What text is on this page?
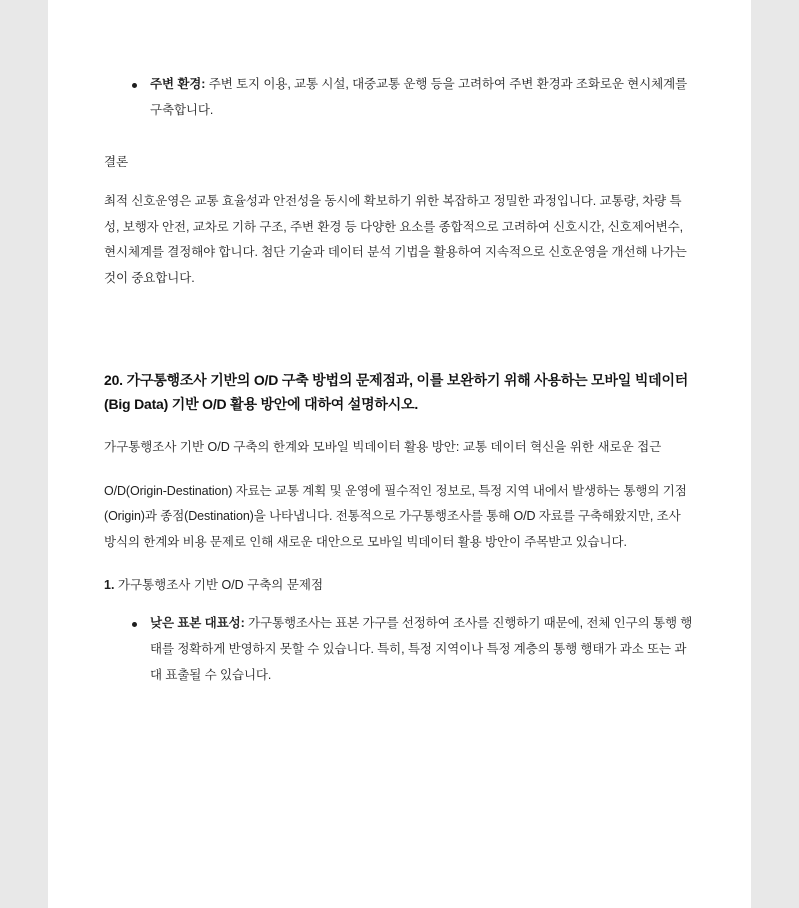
주변 환경: 주변 토지 이용, 교통 시설, 대중교통 운행 등을 고려하여 주변 환경과 조화로운 현시체계를 구축합니다.

결론

최적 신호운영은 교통 효율성과 안전성을 동시에 확보하기 위한 복잡하고 정밀한 과정입니다. 교통량, 차량 특성, 보행자 안전, 교차로 기하 구조, 주변 환경 등 다양한 요소를 종합적으로 고려하여 신호시간, 신호제어변수, 현시체계를 결정해야 합니다. 첨단 기술과 데이터 분석 기법을 활용하여 지속적으로 신호운영을 개선해 나가는 것이 중요합니다.

20. 가구통행조사 기반의 O/D 구축 방법의 문제점과, 이를 보완하기 위해 사용하는 모바일 빅데이터(Big Data) 기반 O/D 활용 방안에 대하여 설명하시오.

가구통행조사 기반 O/D 구축의 한계와 모바일 빅데이터 활용 방안: 교통 데이터 혁신을 위한 새로운 접근

O/D(Origin-Destination) 자료는 교통 계획 및 운영에 필수적인 정보로, 특정 지역 내에서 발생하는 통행의 기점(Origin)과 종점(Destination)을 나타냅니다. 전통적으로 가구통행조사를 통해 O/D 자료를 구축해왔지만, 조사 방식의 한계와 비용 문제로 인해 새로운 대안으로 모바일 빅데이터 활용 방안이 주목받고 있습니다.

1. 가구통행조사 기반 O/D 구축의 문제점

낮은 표본 대표성: 가구통행조사는 표본 가구를 선정하여 조사를 진행하기 때문에, 전체 인구의 통행 행태를 정확하게 반영하지 못할 수 있습니다. 특히, 특정 지역이나 특정 계층의 통행 행태가 과소 또는 과대 표출될 수 있습니다.
